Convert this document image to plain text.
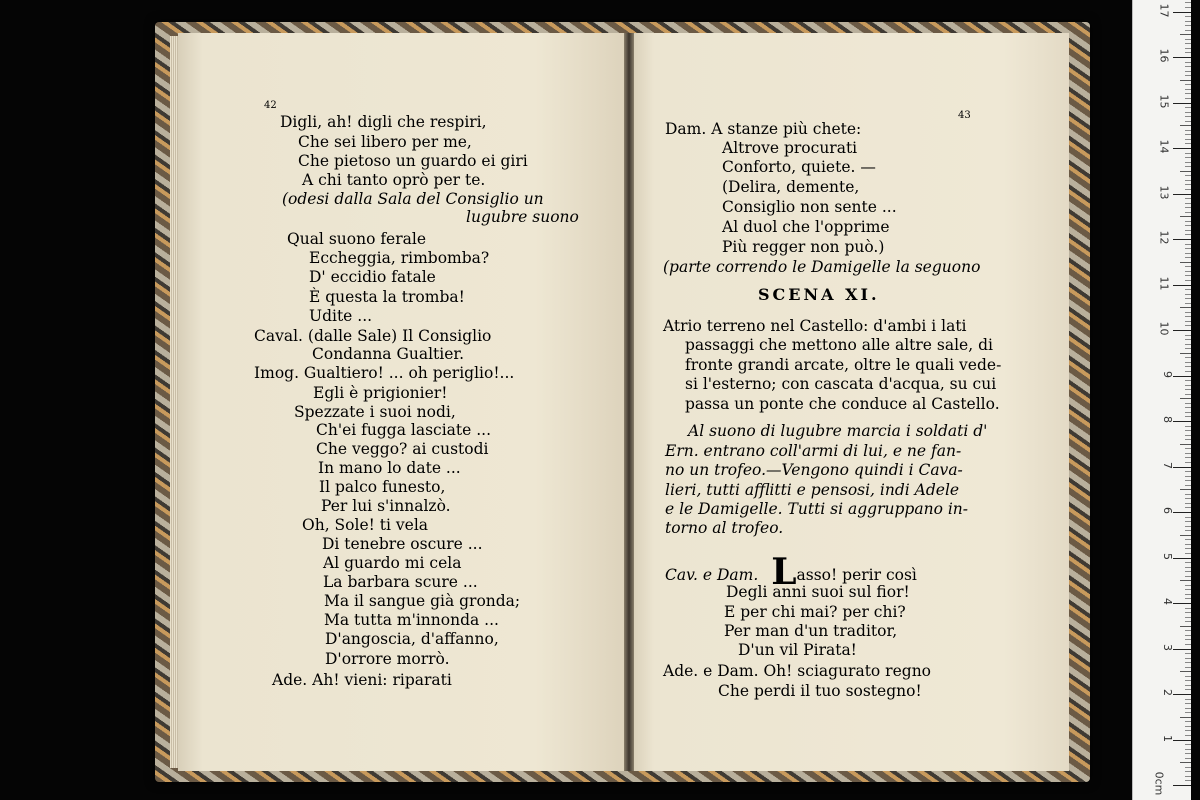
42
43
Digli, ah! digli che respiri,
Che sei libero per me,
Che pietoso un guardo ei giri
A chi tanto oprò per te.
(odesi dalla Sala del Consiglio un
lugubre suono
Qual suono ferale
Eccheggia, rimbomba?
D' eccidio fatale
È questa la tromba!
Udite ...
Caval. (dalle Sale) Il Consiglio
Condanna Gualtier.
Imog. Gualtiero! ... oh periglio!...
Egli è prigionier!
Spezzate i suoi nodi,
Ch'ei fugga lasciate ...
Che veggo? ai custodi
In mano lo date ...
Il palco funesto,
Per lui s'innalzò.
Oh, Sole! ti vela
Di tenebre oscure ...
Al guardo mi cela
La barbara scure ...
Ma il sangue già gronda;
Ma tutta m'innonda ...
D'angoscia, d'affanno,
D'orrore morrò.
Ade. Ah! vieni: riparati
Dam. A stanze più chete:
Altrove procurati
Conforto, quiete. —
(Delira, demente,
Consiglio non sente ...
Al duol che l'opprime
Più regger non può.)
(parte correndo le Damigelle la seguono
Atrio terreno nel Castello: d'ambi i lati
passaggi che mettono alle altre sale, di
fronte grandi arcate, oltre le quali vede-
si l'esterno; con cascata d'acqua, su cui
passa un ponte che conduce al Castello.
Al suono di lugubre marcia i soldati d'
Ern. entrano coll'armi di lui, e ne fan-
no un trofeo.—Vengono quindi i Cava-
lieri, tutti afflitti e pensosi, indi Adele
e le Damigelle. Tutti si aggruppano in-
torno al trofeo.
Degli anni suoi sul fior!
E per chi mai? per chi?
Per man d'un traditor,
D'un vil Pirata!
Ade. e Dam. Oh! sciagurato regno
Che perdi il tuo sostegno!
SCENA XI.
Cav. e Dam. Lasso! perir così
0cm
1
2
3
4
5
6
7
8
9
10
11
12
13
14
15
16
17
